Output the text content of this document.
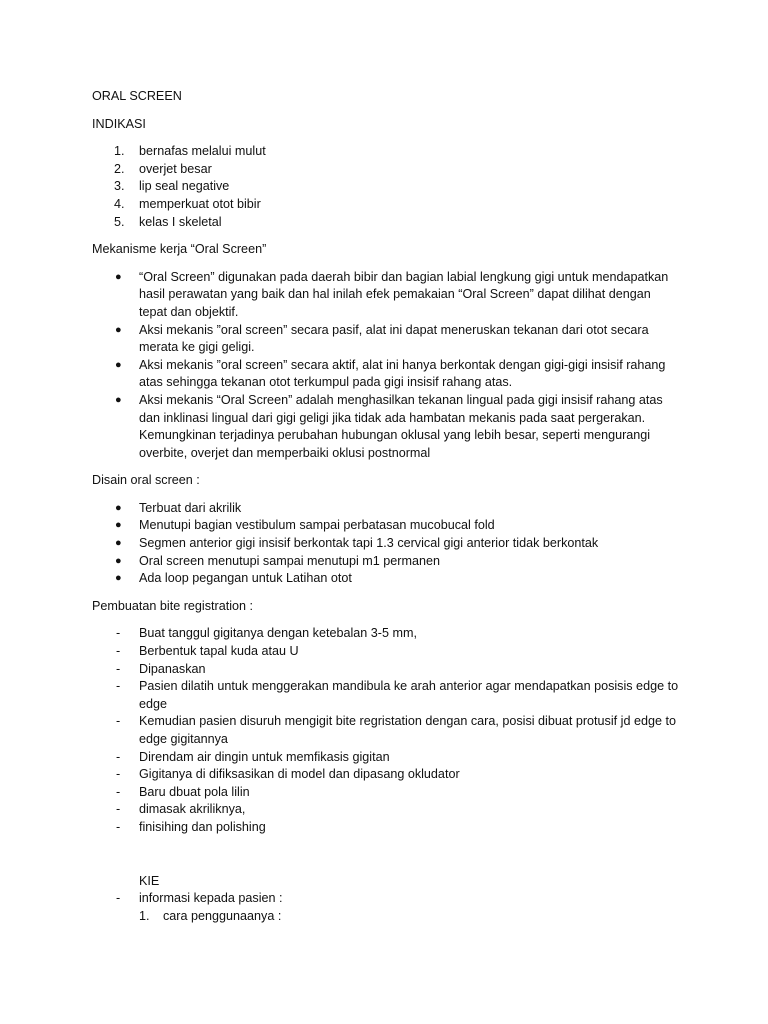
ORAL SCREEN

INDIKASI

1. bernafas melalui mulut
2. overjet besar
3. lip seal negative
4. memperkuat otot bibir
5. kelas I skeletal

Mekanisme kerja “Oral Screen”

● “Oral Screen” digunakan pada daerah bibir dan bagian labial lengkung gigi untuk mendapatkan hasil perawatan yang baik dan hal inilah efek pemakaian “Oral Screen” dapat dilihat dengan tepat dan objektif.
● Aksi mekanis ”oral screen” secara pasif, alat ini dapat meneruskan tekanan dari otot secara merata ke gigi geligi.
● Aksi mekanis ”oral screen” secara aktif, alat ini hanya berkontak dengan gigi-gigi insisif rahang atas sehingga tekanan otot terkumpul pada gigi insisif rahang atas.
● Aksi mekanis “Oral Screen” adalah menghasilkan tekanan lingual pada gigi insisif rahang atas dan inklinasi lingual dari gigi geligi jika tidak ada hambatan mekanis pada saat pergerakan. Kemungkinan terjadinya perubahan hubungan oklusal yang lebih besar, seperti mengurangi overbite, overjet dan memperbaiki oklusi postnormal

Disain oral screen :

● Terbuat dari akrilik
● Menutupi bagian vestibulum sampai perbatasan mucobucal fold
● Segmen anterior gigi insisif berkontak tapi 1.3 cervical gigi anterior tidak berkontak
● Oral screen menutupi sampai menutupi m1 permanen
● Ada loop pegangan untuk Latihan otot

Pembuatan bite registration :

- Buat tanggul gigitanya dengan ketebalan 3-5 mm,
- Berbentuk tapal kuda atau U
- Dipanaskan
- Pasien dilatih untuk menggerakan mandibula ke arah anterior agar mendapatkan posisis edge to edge
- Kemudian pasien disuruh mengigit bite regristation dengan cara, posisi dibuat protusif jd edge to edge gigitannya
- Direndam air dingin untuk memfikasis gigitan
- Gigitanya di difiksasikan di model dan dipasang okludator
- Baru dbuat pola lilin
- dimasak akriliknya,
- finisihing dan polishing

KIE

- informasi kepada pasien :
1. cara penggunaanya :
